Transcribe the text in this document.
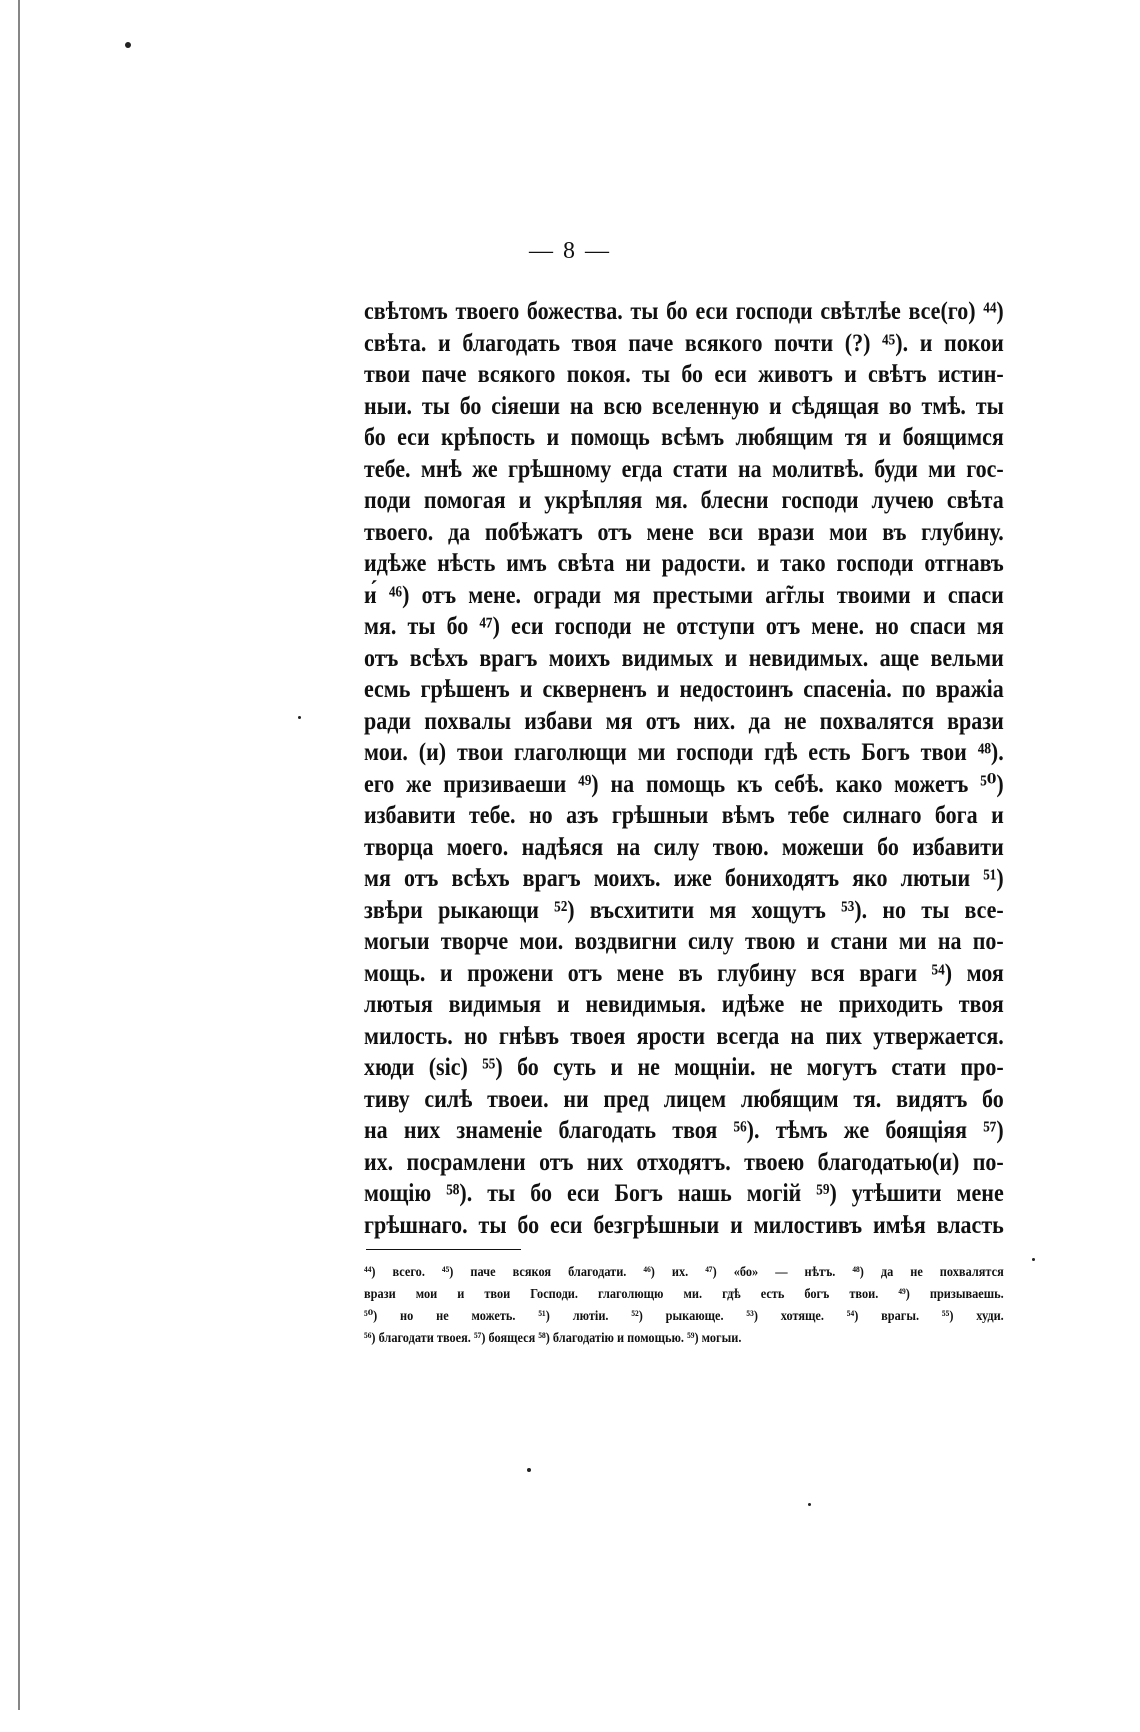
— 8 —
свѣтомъ твоего божества. ты бо еси господи свѣтлѣе все(го) ⁴⁴)
свѣта. и благодать твоя паче всякого почти (?) ⁴⁵). и покои
твои паче всякого покоя. ты бо еси животъ и свѣтъ истин-
ныи. ты бо сіяеши на всю вселенную и сѣдящая во тмѣ. ты
бо еси крѣпость и помощь всѣмъ любящим тя и боящимся
тебе. мнѣ же грѣшному егда стати на молитвѣ. буди ми гос-
поди помогая и укрѣпляя мя. блесни господи лучею свѣта
твоего. да побѣжатъ отъ мене вси врази мои въ глубину.
идѣже нѣсть имъ свѣта ни радости. и тако господи отгнавъ
и́ ⁴⁶) отъ мене. огради мя престыми аг̃глы твоими и спаси
мя. ты бо ⁴⁷) еси господи не отступи отъ мене. но спаси мя
отъ всѣхъ врагъ моихъ видимых и невидимых. аще вельми
есмь грѣшенъ и скверненъ и недостоинъ спасеніа. по вражіа
ради похвалы избави мя отъ них. да не похвалятся врази
мои. (и) твои глаголющи ми господи гдѣ есть Богъ твои ⁴⁸).
его же призиваеши ⁴⁹) на помощь къ себѣ. како можетъ ⁵⁰)
избавити тебе. но азъ грѣшныи вѣмъ тебе силнаго бога и
творца моего. надѣяся на силу твою. можеши бо избавити
мя отъ всѣхъ врагъ моихъ. иже бониходятъ яко лютыи ⁵¹)
звѣри рыкающи ⁵²) въсхитити мя хощутъ ⁵³). но ты все-
могыи творче мои. воздвигни силу твою и стани ми на по-
мощь. и прожени отъ мене въ глубину вся враги ⁵⁴) моя
лютыя видимыя и невидимыя. идѣже не приходить твоя
милость. но гнѣвъ твоея ярости всегда на пих утвержается.
хюди (sic) ⁵⁵) бо суть и не мощніи. не могутъ стати про-
тиву силѣ твоеи. ни пред лицем любящим тя. видятъ бо
на них знаменіе благодать твоя ⁵⁶). тѣмъ же боящіяя ⁵⁷)
их. посрамлени отъ них отходятъ. твоею благодатью(и) по-
мощію ⁵⁸). ты бо еси Богъ нашь могій ⁵⁹) утѣшити мене
грѣшнаго. ты бо еси безгрѣшныи и милостивъ имѣя власть
⁴⁴) всего. ⁴⁵) паче всякоя благодати. ⁴⁶) их. ⁴⁷) «бо» — нѣтъ. ⁴⁸) да не похвалятся
врази мои и твои Господи. глаголющю ми. гдѣ есть богъ твои. ⁴⁹) призываешь.
⁵⁰) но не можеть. ⁵¹) лютіи. ⁵²) рыкающе. ⁵³) хотяще. ⁵⁴) врагы. ⁵⁵) худи.
⁵⁶) благодати твоея. ⁵⁷) боящеся ⁵⁸) благодатію и помощью. ⁵⁹) могыи.
